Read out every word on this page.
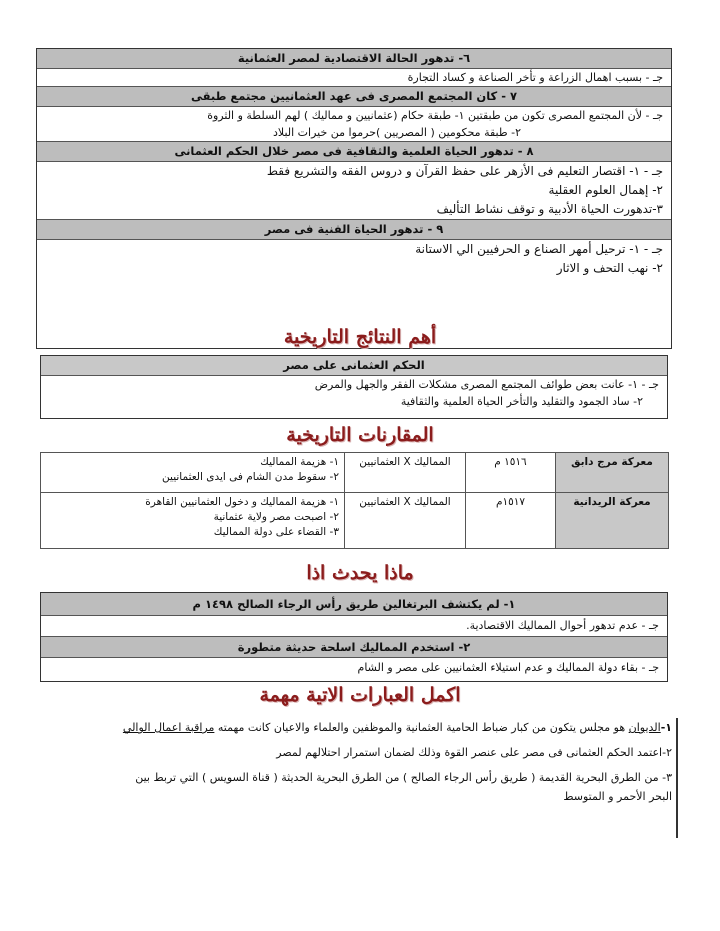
٦- تدهور الحالة الاقتصادية لمصر العثمانية
جـ - بسبب اهمال الزراعة و تأخر الصناعة و كساد التجارة
٧ - كان المجتمع المصرى فى عهد العثمانيين مجتمع طبقى
جـ - لأن المجتمع المصرى تكون من طبقتين ١- طبقة حكام (عثمانيين و مماليك ) لهم السلطة و الثروة
٢- طبقة محكومين ( المصريين )حرموا من خيرات البلاد
٨ - تدهور الحياة العلمية والثقافية فى مصر خلال الحكم العثمانى
جـ - ١- اقتصار التعليم فى الأزهر على حفظ القرآن و دروس الفقه والتشريع فقط
٢- إهمال العلوم العقلية
٣-تدهورت الحياة الأدبية و توقف نشاط التأليف
٩ - تدهور الحياة الفنية فى مصر
جـ - ١- ترحيل أمهر الصناع و الحرفيين الي الاستانة
٢- نهب التحف و الاثار
أهم النتائج التاريخية
الحكم العثمانى على مصر
جـ - ١- عانت بعض طوائف المجتمع المصرى مشكلات الفقر والجهل والمرض
٢- ساد الجمود والتقليد والتأخر الحياة العلمية والثقافية
المقارنات التاريخية
معركة مرج دابق	١٥١٦ م	المماليك X العثمانيين	١- هزيمة المماليك
٢- سقوط مدن الشام فى ايدى العثمانيين

معركة الريدانية	١٥١٧م	المماليك X العثمانيين	١- هزيمة المماليك و دخول العثمانيين القاهرة
٢- اصبحت مصر ولاية عثمانية
٣- القضاء على دولة المماليك
ماذا يحدث اذا
١- لم يكتشف البرتغالين طريق رأس الرجاء الصالح ١٤٩٨ م
جـ - عدم تدهور أحوال المماليك الاقتصادية.
٢- استخدم المماليك اسلحة حديثة متطورة
جـ - بقاء دولة المماليك و عدم استيلاء العثمانيين على مصر و الشام
اكمل العبارات الاتية مهمة
١-الديوان هو مجلس يتكون من كبار ضباط الحامية العثمانية والموظفين والعلماء والاعيان كانت مهمته مراقبة اعمال الوالي
٢-اعتمد الحكم العثمانى فى مصر على عنصر القوة وذلك لضمان استمرار احتلالهم لمصر
٣- من الطرق البحرية القديمة ( طريق رأس الرجاء الصالح ) من الطرق البحرية الحديثة ( قناة السويس ) التي تربط بين
البحر الأحمر و المتوسط
